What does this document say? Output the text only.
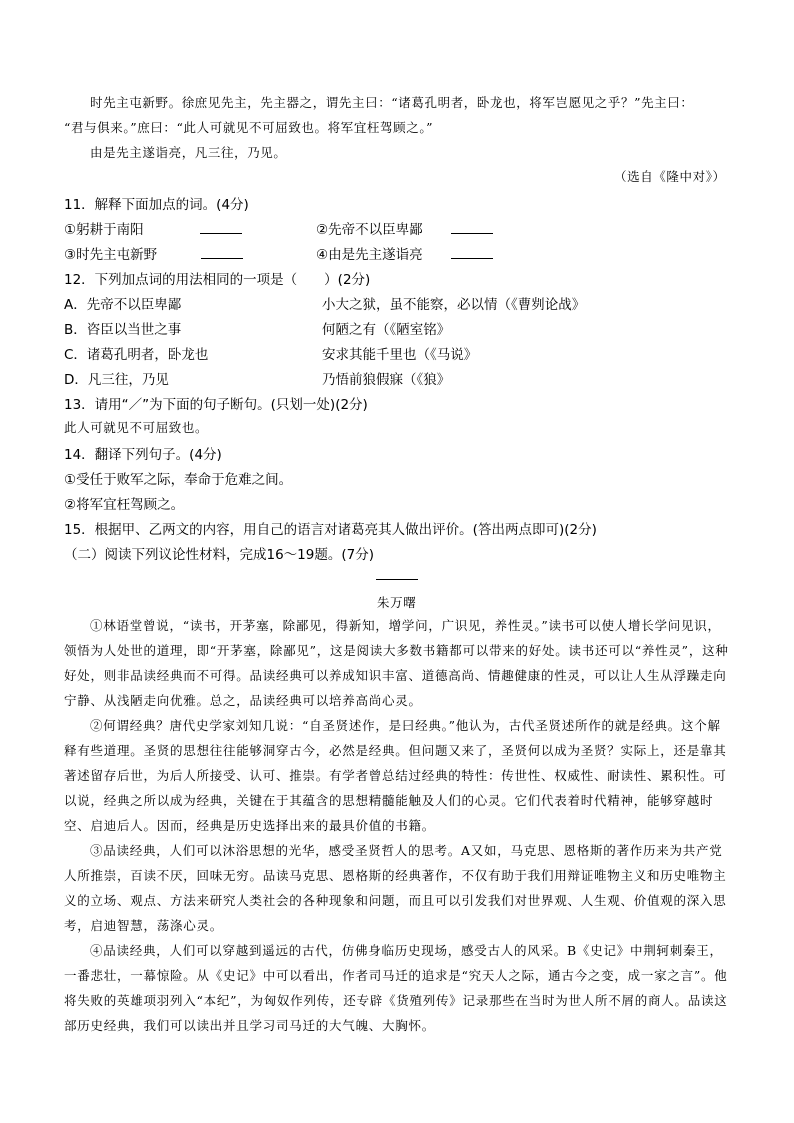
时先主屯新野。徐庶见先主，先主器之，谓先主曰：“诸葛孔明者，卧龙也，将军岂愿见之乎？”先主曰：
“君与俱来。”庶曰：“此人可就见不可屈致也。将军宜枉驾顾之。”
由是先主遂诣亮，凡三往，乃见。
（选自《隆中对》）
11．解释下面加点的词。(4分)
①躬耕于南阳	②先帝不以臣卑鄙
③时先主屯新野	④由是先主遂诣亮
12．下列加点词的用法相同的一项是（　　）(2分)
A．先帝不以臣卑鄙	小大之狱，虽不能察，必以情（《曹刿论战》
B．咨臣以当世之事	何陋之有（《陋室铭》
C．诸葛孔明者，卧龙也	安求其能千里也（《马说》
D．凡三往，乃见	乃悟前狼假寐（《狼》
13．请用“／”为下面的句子断句。(只划一处)(2分)
此人可就见不可屈致也。
14．翻译下列句子。(4分)
①受任于败军之际，奉命于危难之间。
②将军宜枉驾顾之。
15．根据甲、乙两文的内容，用自己的语言对诸葛亮其人做出评价。(答出两点即可)(2分)
（二）阅读下列议论性材料，完成16～19题。(7分)
朱万曙
①林语堂曾说，“读书，开茅塞，除鄙见，得新知，增学问，广识见，养性灵。”读书可以使人增长学问见识，领悟为人处世的道理，即“开茅塞，除鄙见”，这是阅读大多数书籍都可以带来的好处。读书还可以“养性灵”，这种好处，则非品读经典而不可得。品读经典可以养成知识丰富、道德高尚、情趣健康的性灵，可以让人生从浮躁走向宁静、从浅陋走向优雅。总之，品读经典可以培养高尚心灵。
②何谓经典？唐代史学家刘知几说：“自圣贤述作，是曰经典。”他认为，古代圣贤述所作的就是经典。这个解释有些道理。圣贤的思想往往能够洞穿古今，必然是经典。但问题又来了，圣贤何以成为圣贤？实际上，还是靠其著述留存后世，为后人所接受、认可、推崇。有学者曾总结过经典的特性：传世性、权威性、耐读性、累积性。可以说，经典之所以成为经典，关键在于其蕴含的思想精髓能触及人们的心灵。它们代表着时代精神，能够穿越时空、启迪后人。因而，经典是历史选择出来的最具价值的书籍。
③品读经典，人们可以沐浴思想的光华，感受圣贤哲人的思考。A又如，马克思、恩格斯的著作历来为共产党人所推崇，百读不厌，回味无穷。品读马克思、恩格斯的经典著作，不仅有助于我们用辩证唯物主义和历史唯物主义的立场、观点、方法来研究人类社会的各种现象和问题，而且可以引发我们对世界观、人生观、价值观的深入思考，启迪智慧，荡涤心灵。
④品读经典，人们可以穿越到遥远的古代，仿佛身临历史现场，感受古人的风采。B《史记》中荆轲刺秦王，一番悲壮，一幕惊险。从《史记》中可以看出，作者司马迁的追求是“究天人之际，通古今之变，成一家之言”。他将失败的英雄项羽列入“本纪”，为匈奴作列传，还专辟《货殖列传》记录那些在当时为世人所不屑的商人。品读这部历史经典，我们可以读出并且学习司马迁的大气魄、大胸怀。
